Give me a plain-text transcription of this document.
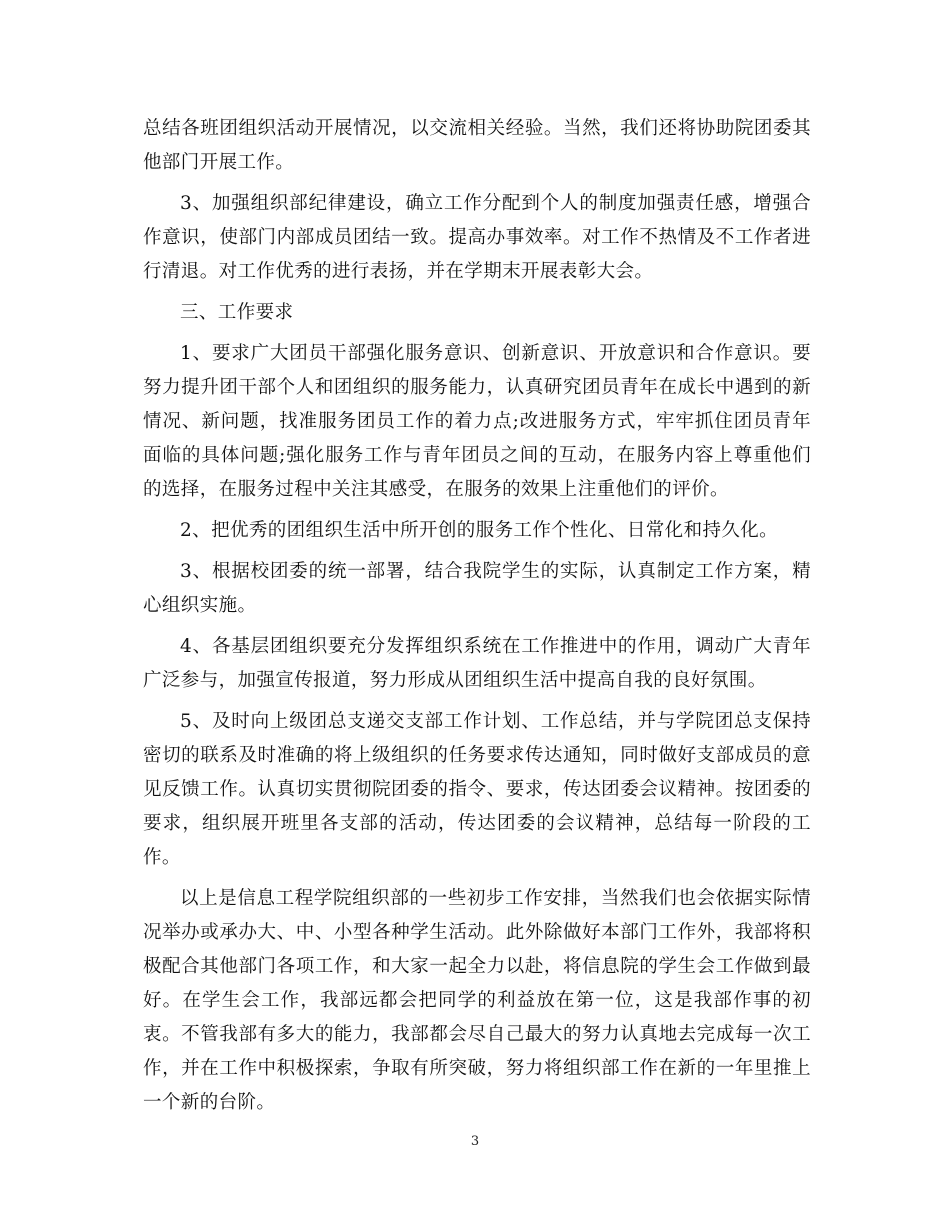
总结各班团组织活动开展情况，以交流相关经验。当然，我们还将协助院团委其他部门开展工作。

3、加强组织部纪律建设，确立工作分配到个人的制度加强责任感，增强合作意识，使部门内部成员团结一致。提高办事效率。对工作不热情及不工作者进行清退。对工作优秀的进行表扬，并在学期末开展表彰大会。

三、工作要求

1、要求广大团员干部强化服务意识、创新意识、开放意识和合作意识。要努力提升团干部个人和团组织的服务能力，认真研究团员青年在成长中遇到的新情况、新问题，找准服务团员工作的着力点;改进服务方式，牢牢抓住团员青年面临的具体问题;强化服务工作与青年团员之间的互动，在服务内容上尊重他们的选择，在服务过程中关注其感受，在服务的效果上注重他们的评价。

2、把优秀的团组织生活中所开创的服务工作个性化、日常化和持久化。

3、根据校团委的统一部署，结合我院学生的实际，认真制定工作方案，精心组织实施。

4、各基层团组织要充分发挥组织系统在工作推进中的作用，调动广大青年广泛参与，加强宣传报道，努力形成从团组织生活中提高自我的良好氛围。

5、及时向上级团总支递交支部工作计划、工作总结，并与学院团总支保持密切的联系及时准确的将上级组织的任务要求传达通知，同时做好支部成员的意见反馈工作。认真切实贯彻院团委的指令、要求，传达团委会议精神。按团委的要求，组织展开班里各支部的活动，传达团委的会议精神，总结每一阶段的工作。

以上是信息工程学院组织部的一些初步工作安排，当然我们也会依据实际情况举办或承办大、中、小型各种学生活动。此外除做好本部门工作外，我部将积极配合其他部门各项工作，和大家一起全力以赴，将信息院的学生会工作做到最好。在学生会工作，我部远都会把同学的利益放在第一位，这是我部作事的初衷。不管我部有多大的能力，我部都会尽自己最大的努力认真地去完成每一次工作，并在工作中积极探索，争取有所突破，努力将组织部工作在新的一年里推上一个新的台阶。

3
